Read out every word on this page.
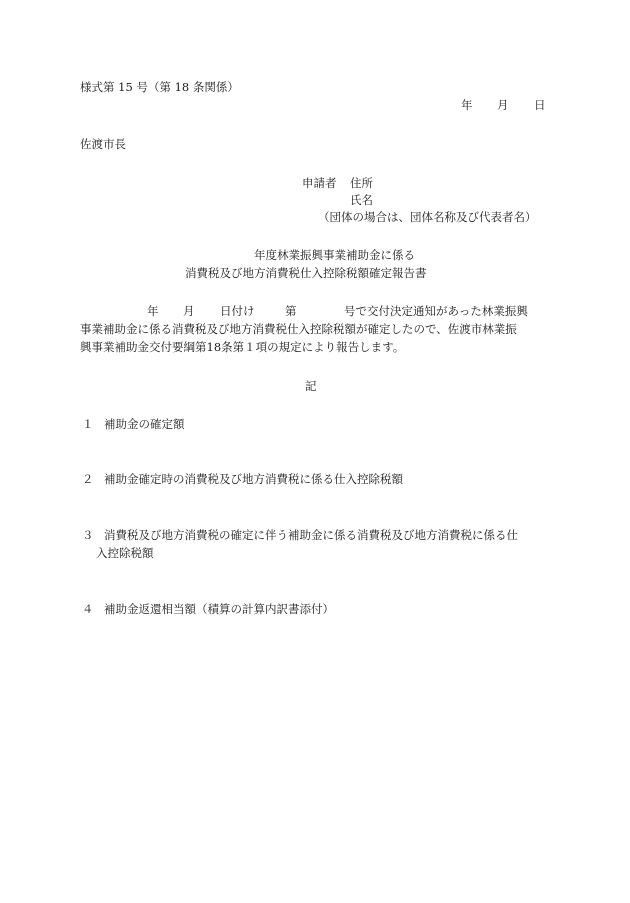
様式第 15 号（第 18 条関係）
年 月 日
佐渡市長
申請者 住所
氏名
（団体の場合は、団体名称及び代表者名）
年度林業振興事業補助金に係る
消費税及び地方消費税仕入控除税額確定報告書
年 月 日付け	第	号で交付決定通知があった林業振興
事業補助金に係る消費税及び地方消費税仕入控除税額が確定したので、佐渡市林業振
興事業補助金交付要綱第18条第１項の規定により報告します。
記
１ 補助金の確定額
２ 補助金確定時の消費税及び地方消費税に係る仕入控除税額
３ 消費税及び地方消費税の確定に伴う補助金に係る消費税及び地方消費税に係る仕
入控除税額
４ 補助金返還相当額（積算の計算内訳書添付）
